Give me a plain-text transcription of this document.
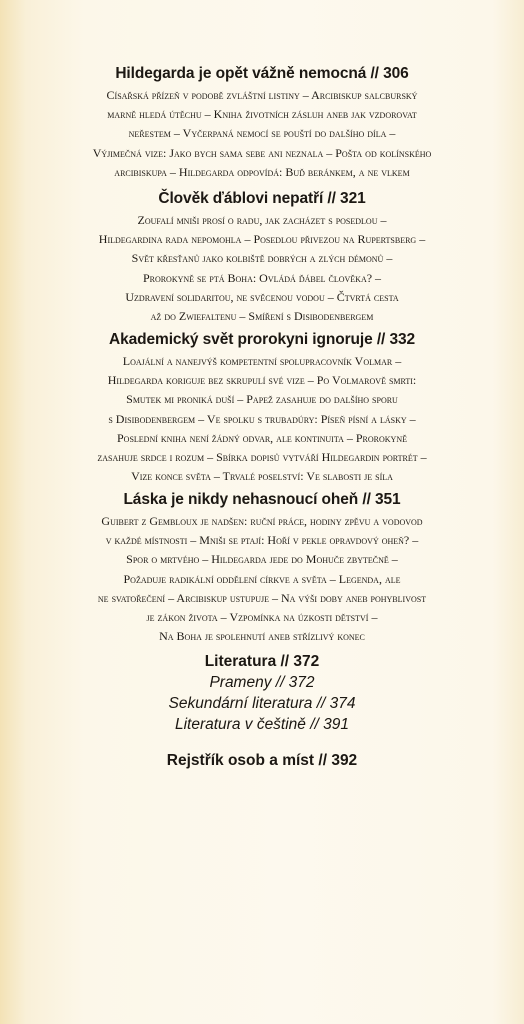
Hildegarda je opět vážně nemocná // 306
Císařská přízeň v podobě zvláštní listiny – Arcibiskup salcburský
marně hledá útěchu – Kniha životních zásluh aneb jak vzdorovat
neřestem – Vyčerpaná nemocí se pouští do dalšího díla –
Výjimečná vize: Jako bych sama sebe ani neznala – Pošta od kolínského
arcibiskupa – Hildegarda odpovídá: Buď beránkem, a ne vlkem
Člověk ďáblovi nepatří // 321
Zoufalí mniši prosí o radu, jak zacházet s posedlou –
Hildegardina rada nepomohla – Posedlou přivezou na Rupertsberg –
Svět křesťanů jako kolbiště dobrých a zlých démonů –
Prorokyně se ptá Boha: Ovládá ďábel člověka? –
Uzdravení solidaritou, ne svěcenou vodou – Čtvrtá cesta
až do Zwiefaltenu – Smíření s Disibodenbergem
Akademický svět prorokyni ignoruje // 332
Loajální a nanejvýš kompetentní spolupracovník Volmar –
Hildegarda koriguje bez skrupulí své vize – Po Volmarově smrti:
Smutek mi proniká duší – Papež zasahuje do dalšího sporu
s Disibodenbergem – Ve spolku s trubadúry: Píseň písní a lásky –
Poslední kniha není žádný odvar, ale kontinuita – Prorokyně
zasahuje srdce i rozum – Sbírka dopisů vytváří Hildegardin portrét –
Vize konce světa – Trvalé poselství: Ve slabosti je síla
Láska je nikdy nehasnoucí oheň // 351
Guibert z Gembloux je nadšen: ruční práce, hodiny zpěvu a vodovod
v každé místnosti – Mniši se ptají: Hoří v pekle opravdový oheň? –
Spor o mrtvého – Hildegarda jede do Mohuče zbytečně –
Požaduje radikální oddělení církve a světa – Legenda, ale
ne svatořečení – Arcibiskup ustupuje – Na výši doby aneb pohyblivost
je zákon života – Vzpomínka na úzkosti dětství –
Na Boha je spolehnutí aneb střízlivý konec
Literatura // 372
Prameny // 372
Sekundární literatura // 374
Literatura v češtině // 391
Rejstřík osob a míst // 392
